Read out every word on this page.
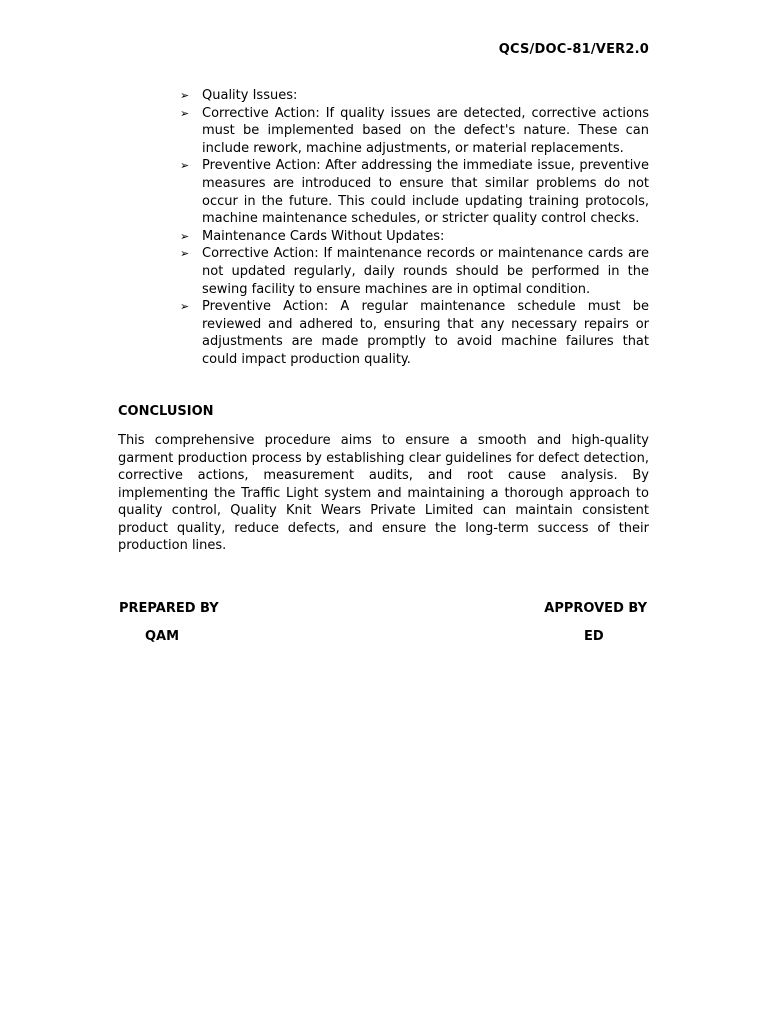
QCS/DOC-81/VER2.0
➢ Quality Issues:
➢ Corrective Action: If quality issues are detected, corrective actions must be implemented based on the defect's nature. These can include rework, machine adjustments, or material replacements.
➢ Preventive Action: After addressing the immediate issue, preventive measures are introduced to ensure that similar problems do not occur in the future. This could include updating training protocols, machine maintenance schedules, or stricter quality control checks.
➢ Maintenance Cards Without Updates:
➢ Corrective Action: If maintenance records or maintenance cards are not updated regularly, daily rounds should be performed in the sewing facility to ensure machines are in optimal condition.
➢ Preventive Action: A regular maintenance schedule must be reviewed and adhered to, ensuring that any necessary repairs or adjustments are made promptly to avoid machine failures that could impact production quality.
CONCLUSION

This comprehensive procedure aims to ensure a smooth and high-quality garment production process by establishing clear guidelines for defect detection, corrective actions, measurement audits, and root cause analysis. By implementing the Traffic Light system and maintaining a thorough approach to quality control, Quality Knit Wears Private Limited can maintain consistent product quality, reduce defects, and ensure the long-term success of their production lines.

PREPARED BY	APPROVED BY
QAM	ED
